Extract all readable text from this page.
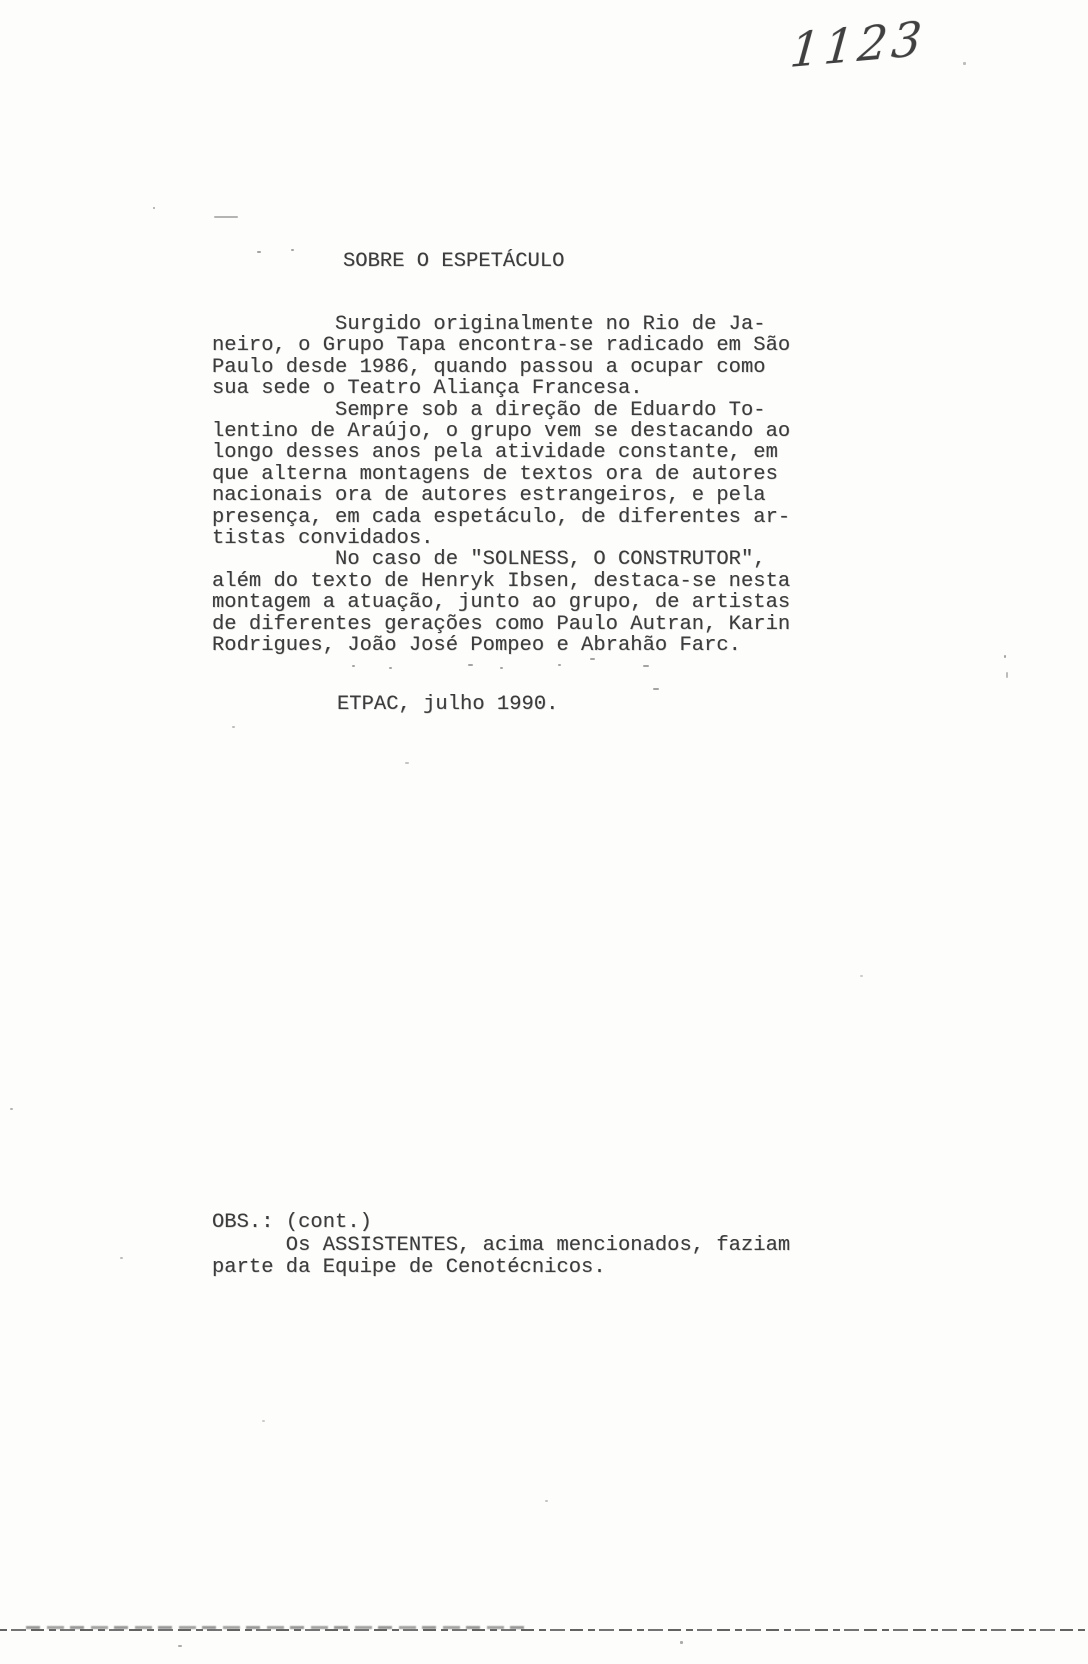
1123
SOBRE O ESPETÁCULO
Surgido originalmente no Rio de Ja-
neiro, o Grupo Tapa encontra-se radicado em São
Paulo desde 1986, quando passou a ocupar como
sua sede o Teatro Aliança Francesa.
Sempre sob a direção de Eduardo To-
lentino de Araújo, o grupo vem se destacando ao
longo desses anos pela atividade constante, em
que alterna montagens de textos ora de autores
nacionais ora de autores estrangeiros, e pela
presença, em cada espetáculo, de diferentes ar-
tistas convidados.
No caso de "SOLNESS, O CONSTRUTOR",
além do texto de Henryk Ibsen, destaca-se nesta
montagem a atuação, junto ao grupo, de artistas
de diferentes gerações como Paulo Autran, Karin
Rodrigues, João José Pompeo e Abrahão Farc.
ETPAC, julho 1990.
OBS.: (cont.)
Os ASSISTENTES, acima mencionados, faziam
parte da Equipe de Cenotécnicos.
